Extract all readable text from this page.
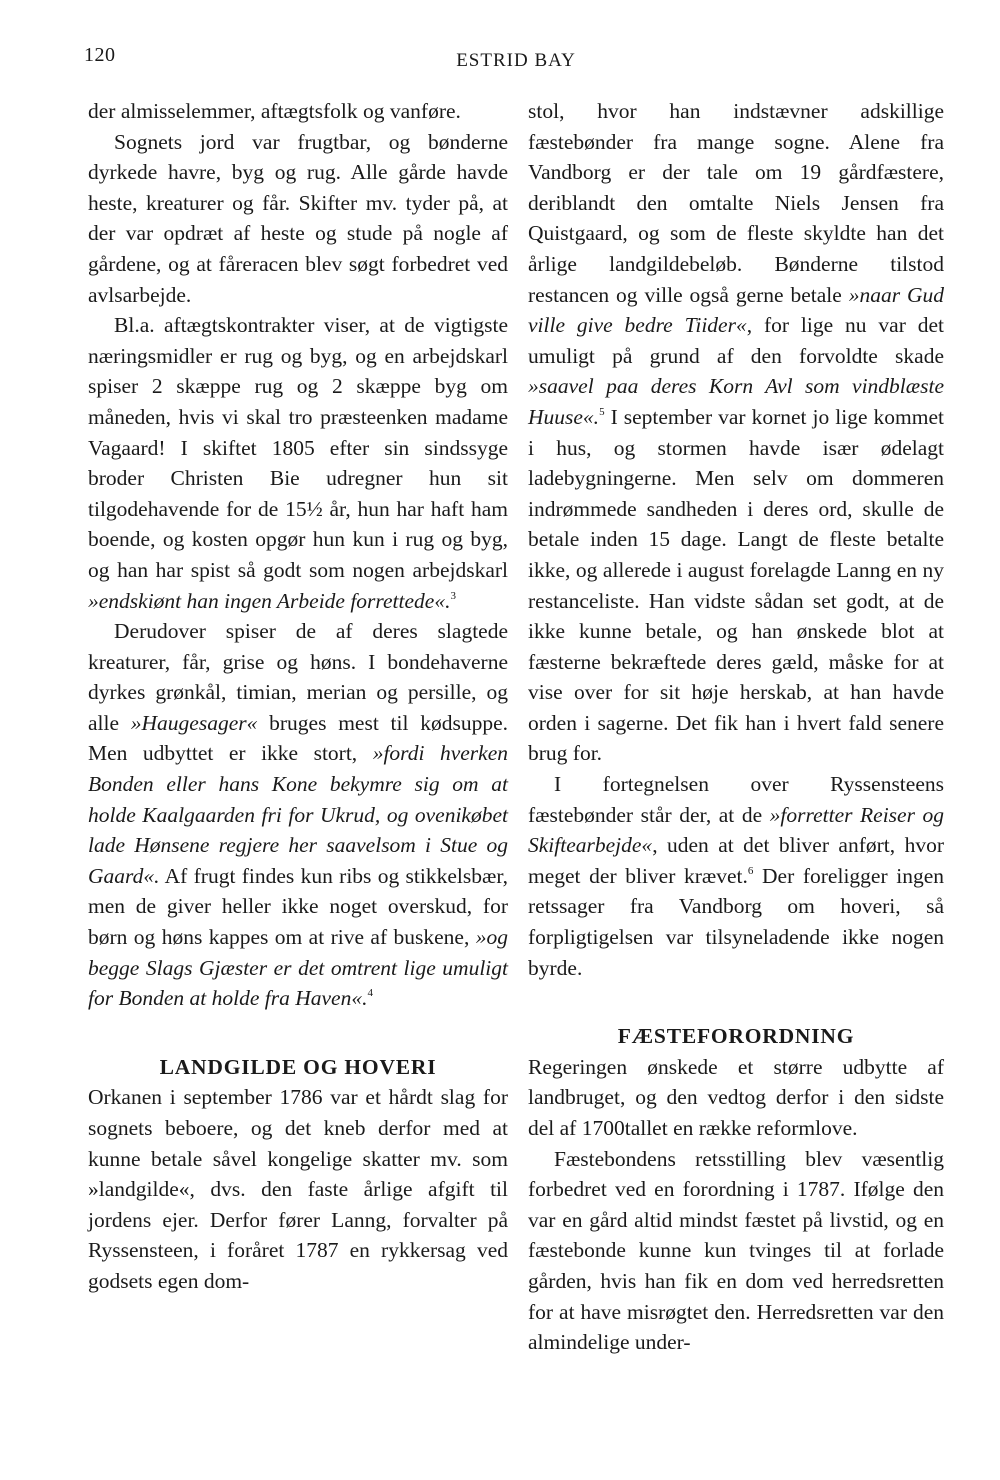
120	ESTRID BAY

der almisselemmer, aftægtsfolk og vanføre.

Sognets jord var frugtbar, og bønderne dyrkede havre, byg og rug. Alle gårde havde heste, kreaturer og får. Skifter mv. tyder på, at der var opdræt af heste og stude på nogle af gårdene, og at fåreracen blev søgt forbedret ved avlsarbejde.

Bl.a. aftægtskontrakter viser, at de vigtigste næringsmidler er rug og byg, og en arbejdskarl spiser 2 skæppe rug og 2 skæppe byg om måneden, hvis vi skal tro præsteenken madame Vagaard! I skiftet 1805 efter sin sindssyge broder Christen Bie udregner hun sit tilgodehavende for de 15½ år, hun har haft ham boende, og kosten opgør hun kun i rug og byg, og han har spist så godt som nogen arbejdskarl »endskiønt han ingen Arbeide forrettede«.$^3$

Derudover spiser de af deres slagtede kreaturer, får, grise og høns. I bondehaverne dyrkes grønkål, timian, merian og persille, og alle »Haugesager« bruges mest til kødsuppe. Men udbyttet er ikke stort, »fordi hverken Bonden eller hans Kone bekymre sig om at holde Kaalgaarden fri for Ukrud, og ovenikøbet lade Hønsene regjere her saavelsom i Stue og Gaard«. Af frugt findes kun ribs og stikkelsbær, men de giver heller ikke noget overskud, for børn og høns kappes om at rive af buskene, »og begge Slags Gjæster er det omtrent lige umuligt for Bonden at holde fra Haven«.$^4$

LANDGILDE OG HOVERI

Orkanen i september 1786 var et hårdt slag for sognets beboere, og det kneb derfor med at kunne betale såvel kongelige skatter mv. som »landgilde«, dvs. den faste årlige afgift til jordens ejer. Derfor fører Lanng, forvalter på Ryssensteen, i foråret 1787 en rykkersag ved godsets egen dom-

stol, hvor han indstævner adskillige fæstebønder fra mange sogne. Alene fra Vandborg er der tale om 19 gårdfæstere, deriblandt den omtalte Niels Jensen fra Quistgaard, og som de fleste skyldte han det årlige landgildebeløb. Bønderne tilstod restancen og ville også gerne betale »naar Gud ville give bedre Tiider«, for lige nu var det umuligt på grund af den forvoldte skade »saavel paa deres Korn Avl som vindblæste Huuse«.$^5$ I september var kornet jo lige kommet i hus, og stormen havde især ødelagt ladebygningerne. Men selv om dommeren indrømmede sandheden i deres ord, skulle de betale inden 15 dage. Langt de fleste betalte ikke, og allerede i august forelagde Lanng en ny restanceliste. Han vidste sådan set godt, at de ikke kunne betale, og han ønskede blot at fæsterne bekræftede deres gæld, måske for at vise over for sit høje herskab, at han havde orden i sagerne. Det fik han i hvert fald senere brug for.

I fortegnelsen over Ryssensteens fæstebønder står der, at de »forretter Reiser og Skiftearbejde«, uden at det bliver anført, hvor meget der bliver krævet.$^6$ Der foreligger ingen retssager fra Vandborg om hoveri, så forpligtigelsen var tilsyneladende ikke nogen byrde.

FÆSTEFORORDNING

Regeringen ønskede et større udbytte af landbruget, og den vedtog derfor i den sidste del af 1700tallet en række reformlove.

Fæstebondens retsstilling blev væsentlig forbedret ved en forordning i 1787. Ifølge den var en gård altid mindst fæstet på livstid, og en fæstebonde kunne kun tvinges til at forlade gården, hvis han fik en dom ved herredsretten for at have misrøgtet den. Herredsretten var den almindelige under-
